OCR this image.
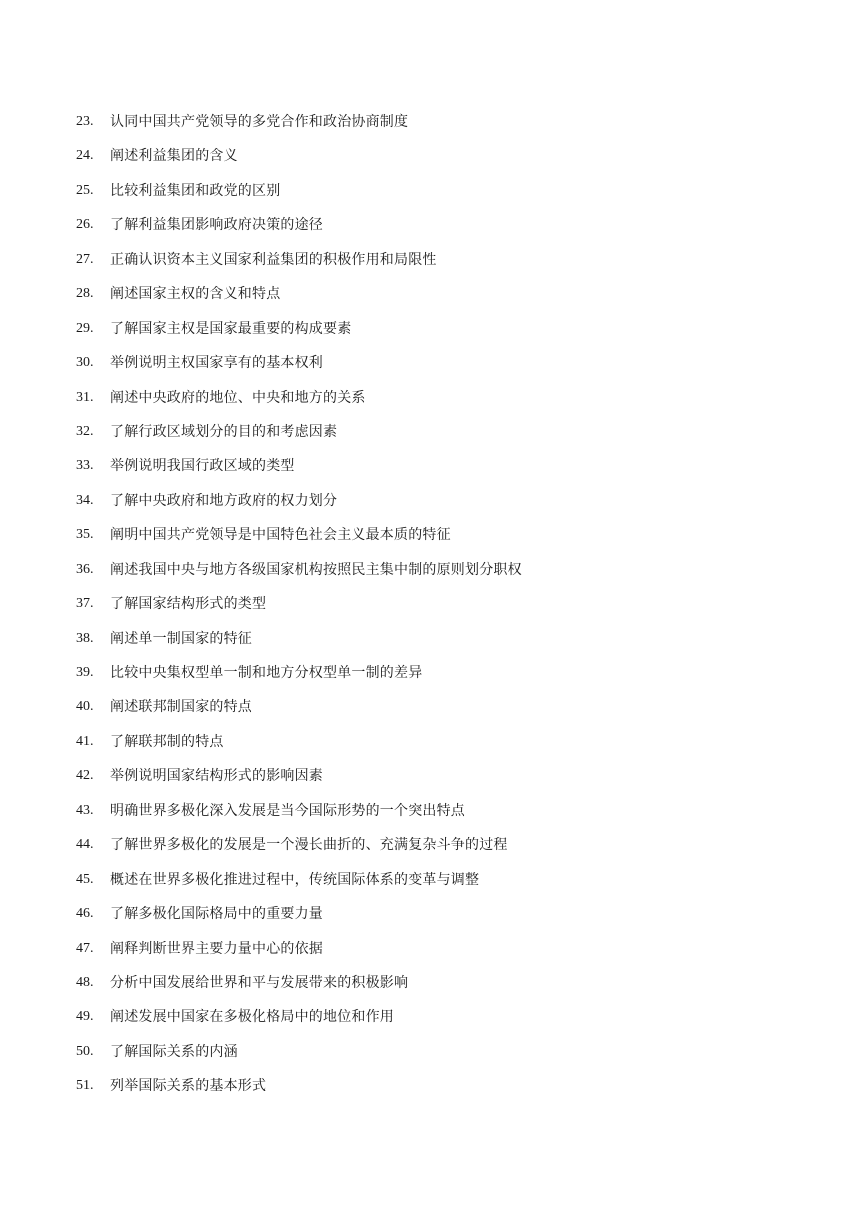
23.	认同中国共产党领导的多党合作和政治协商制度
24.	阐述利益集团的含义
25.	比较利益集团和政党的区别
26.	了解利益集团影响政府决策的途径
27.	正确认识资本主义国家利益集团的积极作用和局限性
28.	阐述国家主权的含义和特点
29.	了解国家主权是国家最重要的构成要素
30.	举例说明主权国家享有的基本权利
31.	阐述中央政府的地位、中央和地方的关系
32.	了解行政区域划分的目的和考虑因素
33.	举例说明我国行政区域的类型
34.	了解中央政府和地方政府的权力划分
35.	阐明中国共产党领导是中国特色社会主义最本质的特征
36.	阐述我国中央与地方各级国家机构按照民主集中制的原则划分职权
37.	了解国家结构形式的类型
38.	阐述单一制国家的特征
39.	比较中央集权型单一制和地方分权型单一制的差异
40.	阐述联邦制国家的特点
41.	了解联邦制的特点
42.	举例说明国家结构形式的影响因素
43.	明确世界多极化深入发展是当今国际形势的一个突出特点
44.	了解世界多极化的发展是一个漫长曲折的、充满复杂斗争的过程
45.	概述在世界多极化推进过程中，传统国际体系的变革与调整
46.	了解多极化国际格局中的重要力量
47.	阐释判断世界主要力量中心的依据
48.	分析中国发展给世界和平与发展带来的积极影响
49.	阐述发展中国家在多极化格局中的地位和作用
50.	了解国际关系的内涵
51.	列举国际关系的基本形式
